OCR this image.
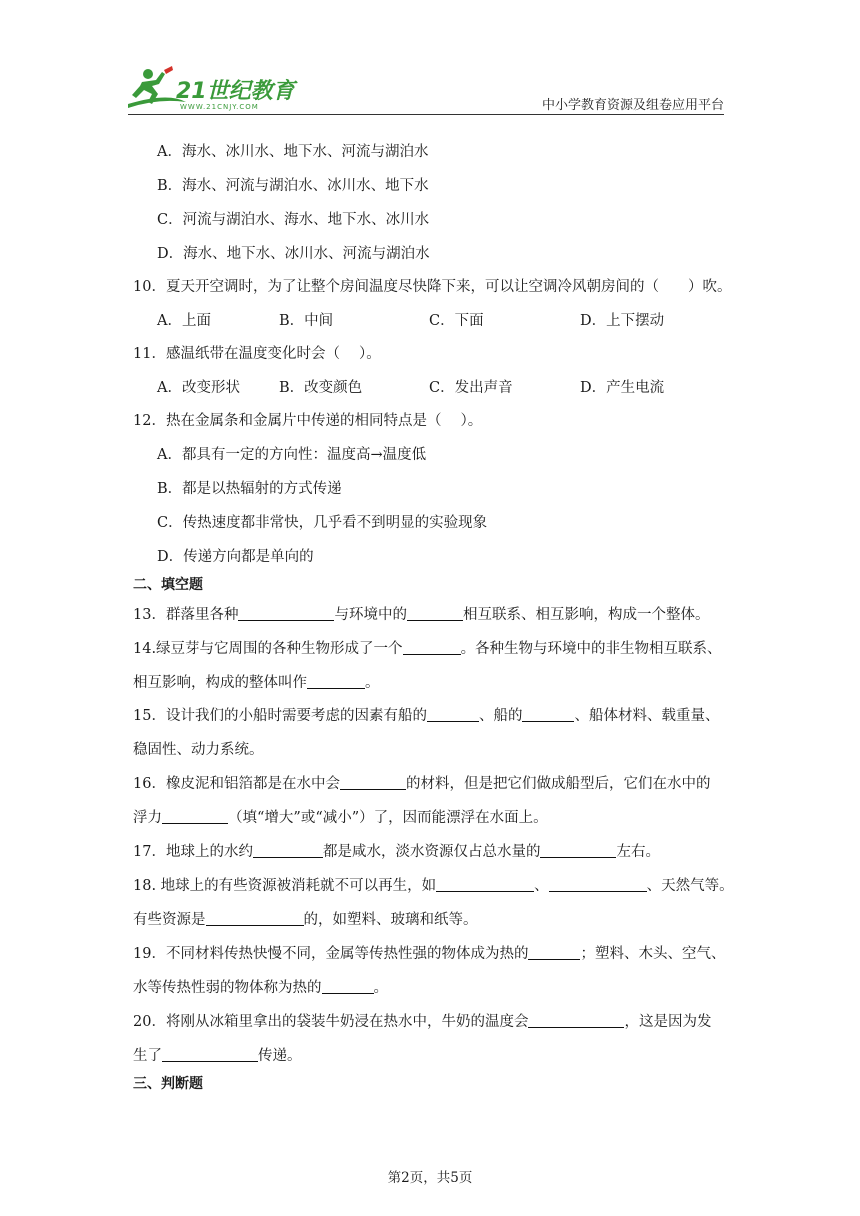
21世纪教育
WWW.21CNJY.COM	中小学教育资源及组卷应用平台
A．海水、冰川水、地下水、河流与湖泊水
B．海水、河流与湖泊水、冰川水、地下水
C．河流与湖泊水、海水、地下水、冰川水
D．海水、地下水、冰川水、河流与湖泊水
10．夏天开空调时，为了让整个房间温度尽快降下来，可以让空调冷风朝房间的（　　）吹。
A．上面	B．中间	C．下面	D．上下摆动
11．感温纸带在温度变化时会（　 ）。
A．改变形状	B．改变颜色	C．发出声音	D．产生电流
12．热在金属条和金属片中传递的相同特点是（　 ）。
A．都具有一定的方向性：温度高→温度低
B．都是以热辐射的方式传递
C．传热速度都非常快，几乎看不到明显的实验现象
D．传递方向都是单向的
二、填空题
13．群落里各种	与环境中的	相互联系、相互影响，构成一个整体。
14.绿豆芽与它周围的各种生物形成了一个	。各种生物与环境中的非生物相互联系、
相互影响，构成的整体叫作	。
15．设计我们的小船时需要考虑的因素有船的	、船的	、船体材料、载重量、
稳固性、动力系统。
16．橡皮泥和铝箔都是在水中会	的材料，但是把它们做成船型后，它们在水中的
浮力	（填“增大”或“减小”）了，因而能漂浮在水面上。
17．地球上的水约	都是咸水，淡水资源仅占总水量的	左右。
18. 地球上的有些资源被消耗就不可以再生，如	、	、天然气等。
有些资源是	的，如塑料、玻璃和纸等。
19．不同材料传热快慢不同，金属等传热性强的物体成为热的	；塑料、木头、空气、
水等传热性弱的物体称为热的	。
20．将刚从冰箱里拿出的袋装牛奶浸在热水中，牛奶的温度会	，这是因为发
生了	传递。
三、判断题
第2页，共5页
